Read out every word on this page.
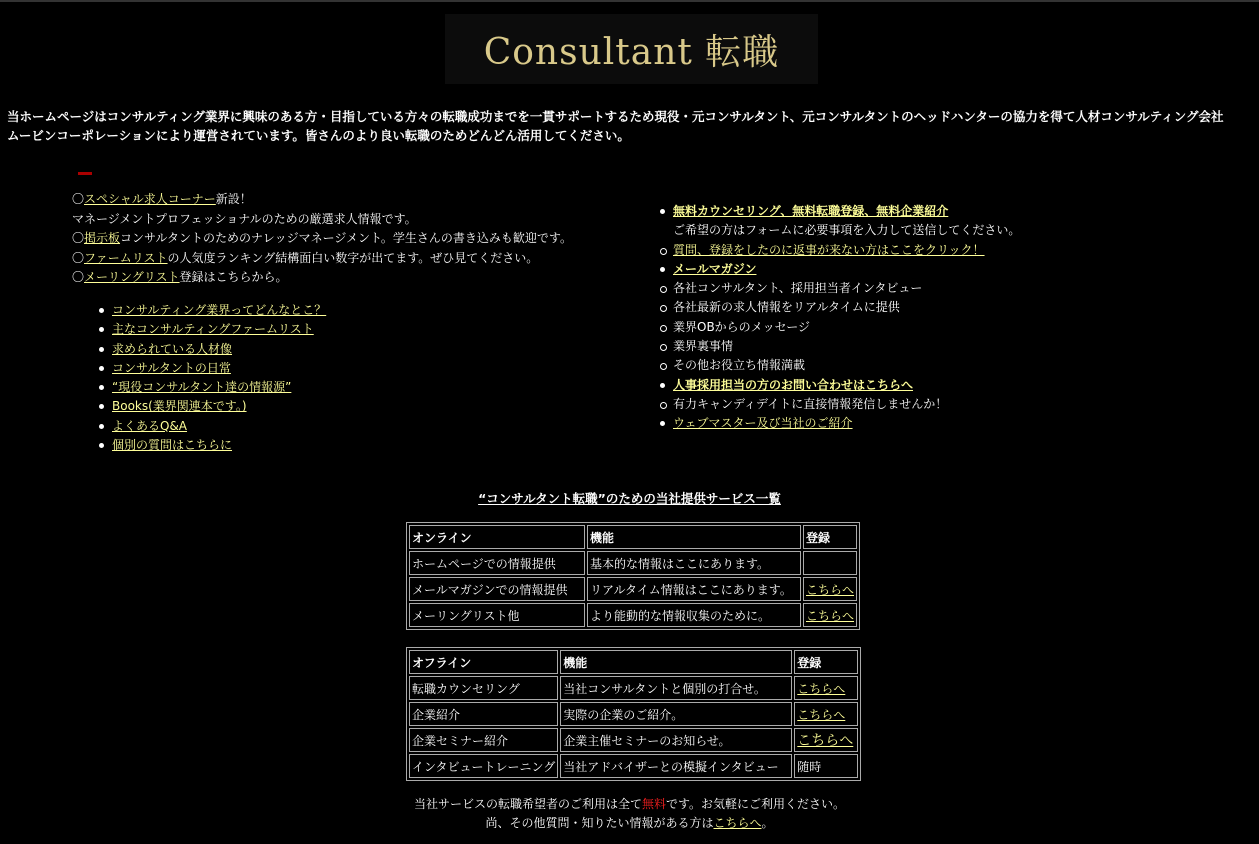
Consultant 転職
当ホームページはコンサルティング業界に興味のある方・目指している方々の転職成功までを一貫サポートするため現役・元コンサルタント、元コンサルタントのヘッドハンターの協力を得て人材コンサルティング会社
ムービンコーポレーションにより運営されています。皆さんのより良い転職のためどんどん活用してください。

〇スペシャル求人コーナー新設！

マネージメントプロフェッショナルのための厳選求人情報です。

〇掲示板コンサルタントのためのナレッジマネージメント。学生さんの書き込みも歓迎です。

〇ファームリストの人気度ランキング結構面白い数字が出てます。ぜひ見てください。

〇メーリングリスト登録はこちらから。

コンサルティング業界ってどんなとこ？
主なコンサルティングファームリスト
求められている人材像
コンサルタントの日常
“現役コンサルタント達の情報源”
Books(業界関連本です。)
よくあるQ&A
個別の質問はこちらに
無料カウンセリング、無料転職登録、無料企業紹介
ご希望の方はフォームに必要事項を入力して送信してください。
質問、登録をしたのに返事が来ない方はここをクリック！
メールマガジン
各社コンサルタント、採用担当者インタビュー
各社最新の求人情報をリアルタイムに提供
業界OBからのメッセージ
業界裏事情
その他お役立ち情報満載
人事採用担当の方のお問い合わせはこちらへ
有力キャンディデイトに直接情報発信しませんか！
ウェブマスター及び当社のご紹介
“コンサルタント転職”のための当社提供サービス一覧
オンライン	機能	登録
ホームページでの情報提供	基本的な情報はここにあります。	
メールマガジンでの情報提供	リアルタイム情報はここにあります。	こちらへ
メーリングリスト他	より能動的な情報収集のために。	こちらへ
オフライン	機能	登録
転職カウンセリング	当社コンサルタントと個別の打合せ。	こちらへ
企業紹介	実際の企業のご紹介。	こちらへ
企業セミナー紹介	企業主催セミナーのお知らせ。	こちらへ
インタビュートレーニング	当社アドバイザーとの模擬インタビュー	随時
当社サービスの転職希望者のご利用は全て無料です。お気軽にご利用ください。
尚、その他質問・知りたい情報がある方はこちらへ。
